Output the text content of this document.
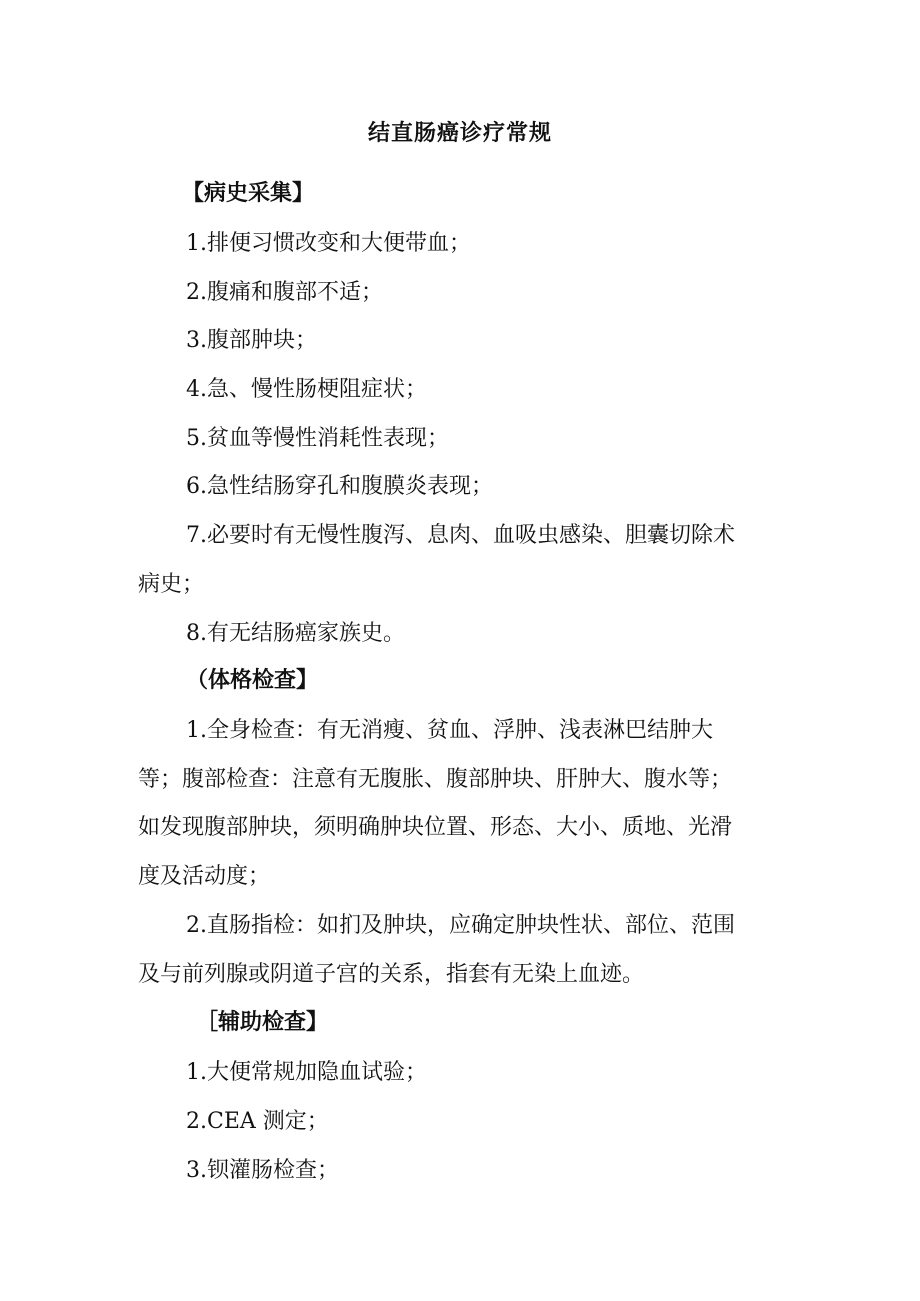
结直肠癌诊疗常规
【病史采集】
1.排便习惯改变和大便带血；
2.腹痛和腹部不适；
3.腹部肿块；
4.急、慢性肠梗阻症状；
5.贫血等慢性消耗性表现；
6.急性结肠穿孔和腹膜炎表现；
7.必要时有无慢性腹泻、息肉、血吸虫感染、胆囊切除术
病史；
8.有无结肠癌家族史。
（体格检查】
1.全身检查：有无消瘦、贫血、浮肿、浅表淋巴结肿大
等；腹部检查：注意有无腹胀、腹部肿块、肝肿大、腹水等；
如发现腹部肿块，须明确肿块位置、形态、大小、质地、光滑
度及活动度；
2.直肠指检：如扪及肿块，应确定肿块性状、部位、范围
及与前列腺或阴道子宫的关系，指套有无染上血迹。
［辅助检查】
1.大便常规加隐血试验；
2.CEA 测定；
3.钡灌肠检查；
